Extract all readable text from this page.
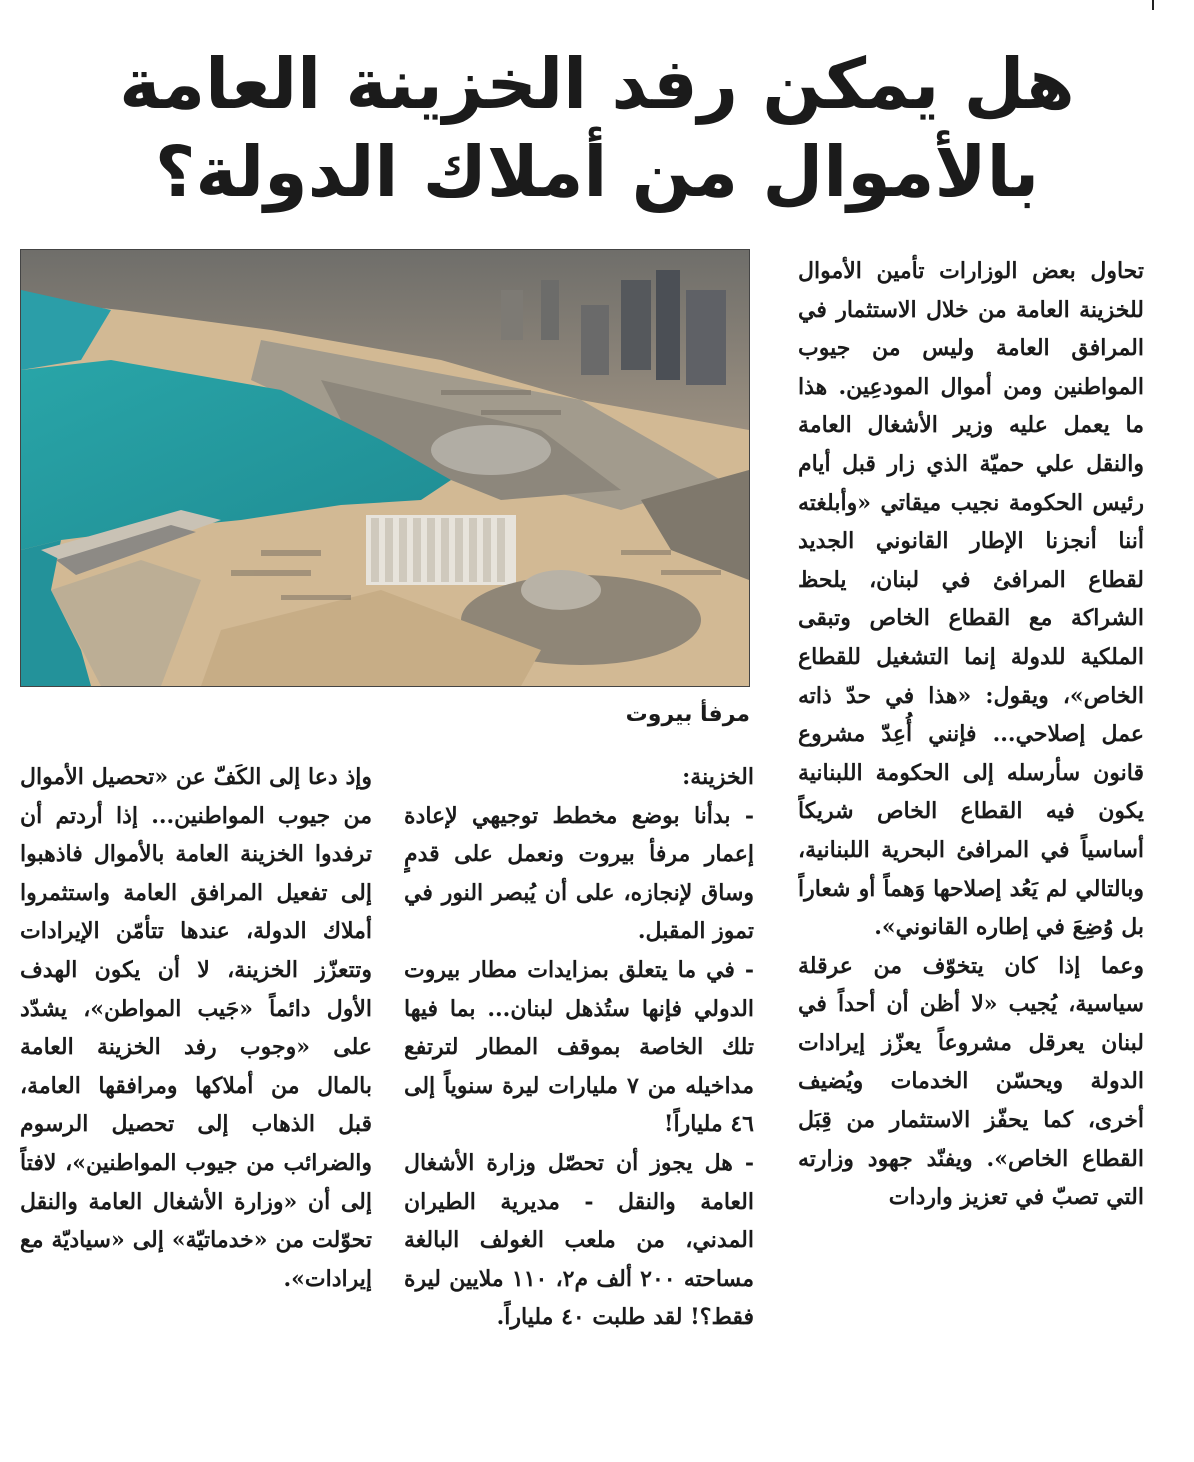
هل يمكن رفد الخزينة العامة
بالأموال من أملاك الدولة؟
مرفأ بيروت

تحاول بعض الوزارات تأمين الأموال للخزينة العامة من خلال الاستثمار في المرافق العامة وليس من جيوب المواطنين ومن أموال المودعِين. هذا ما يعمل عليه وزير الأشغال العامة والنقل علي حميّة الذي زار قبل أيام رئيس الحكومة نجيب ميقاتي «وأبلغته أننا أنجزنا الإطار القانوني الجديد لقطاع المرافئ في لبنان، يلحظ الشراكة مع القطاع الخاص وتبقى الملكية للدولة إنما التشغيل للقطاع الخاص»، ويقول: «هذا في حدّ ذاته عمل إصلاحي... فإنني أُعِدّ مشروع قانون سأرسله إلى الحكومة اللبنانية يكون فيه القطاع الخاص شريكاً أساسياً في المرافئ البحرية اللبنانية، وبالتالي لم يَعُد إصلاحها وَهماً أو شعاراً بل وُضِعَ في إطاره القانوني».

وعما إذا كان يتخوّف من عرقلة سياسية، يُجيب «لا أظن أن أحداً في لبنان يعرقل مشروعاً يعزّز إيرادات الدولة ويحسّن الخدمات ويُضيف أخرى، كما يحفّز الاستثمار من قِبَل القطاع الخاص». ويفنّد جهود وزارته التي تصبّ في تعزيز واردات

الخزينة:

- بدأنا بوضع مخطط توجيهي لإعادة إعمار مرفأ بيروت ونعمل على قدمٍ وساق لإنجازه، على أن يُبصر النور في تموز المقبل.

- في ما يتعلق بمزايدات مطار بيروت الدولي فإنها ستُذهل لبنان... بما فيها تلك الخاصة بموقف المطار لترتفع مداخيله من ٧ مليارات ليرة سنوياً إلى ٤٦ ملياراً!

- هل يجوز أن تحصّل وزارة الأشغال العامة والنقل - مديرية الطيران المدني، من ملعب الغولف البالغة مساحته ٢٠٠ ألف م٢، ١١٠ ملايين ليرة فقط؟! لقد طلبت ٤٠ ملياراً.

وإذ دعا إلى الكَفّ عن «تحصيل الأموال من جيوب المواطنين... إذا أردتم أن ترفدوا الخزينة العامة بالأموال فاذهبوا إلى تفعيل المرافق العامة واستثمروا أملاك الدولة، عندها تتأمّن الإيرادات وتتعزّز الخزينة، لا أن يكون الهدف الأول دائماً «جَيب المواطن»، يشدّد على «وجوب رفد الخزينة العامة بالمال من أملاكها ومرافقها العامة، قبل الذهاب إلى تحصيل الرسوم والضرائب من جيوب المواطنين»، لافتاً إلى أن «وزارة الأشغال العامة والنقل تحوّلت من «خدماتيّة» إلى «سياديّة مع إيرادات».
